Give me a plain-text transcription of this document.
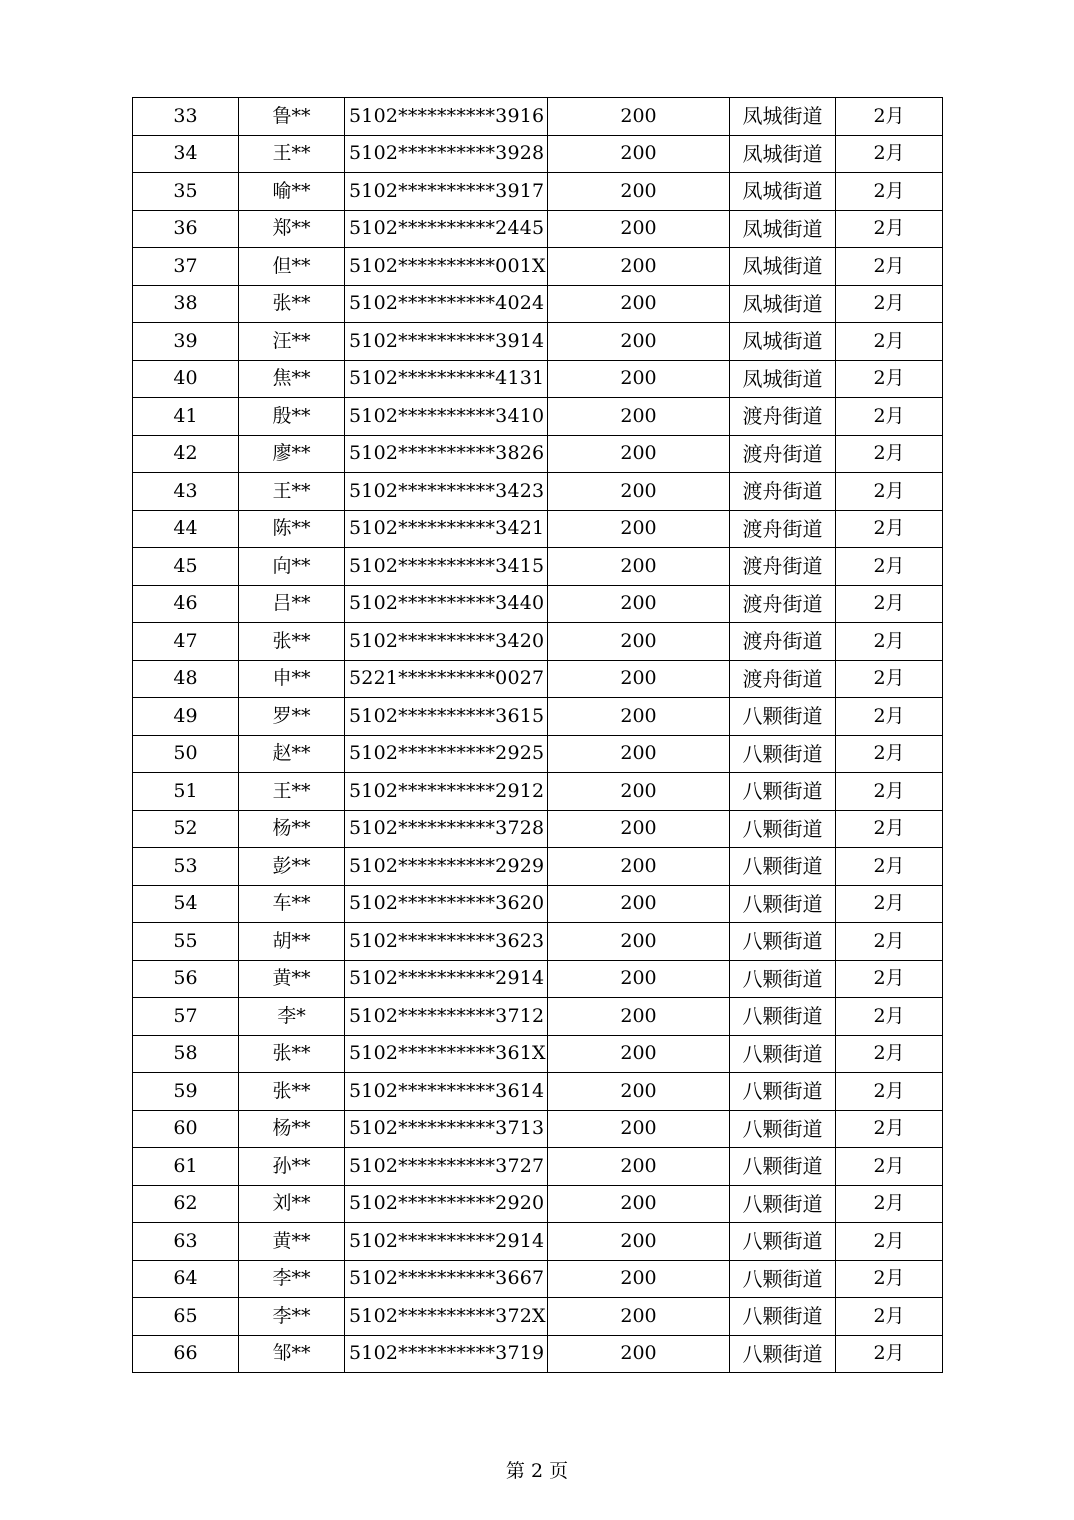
33	鲁**	5102**********3916	200	凤城街道	2月
34	王**	5102**********3928	200	凤城街道	2月
35	喻**	5102**********3917	200	凤城街道	2月
36	郑**	5102**********2445	200	凤城街道	2月
37	但**	5102**********001X	200	凤城街道	2月
38	张**	5102**********4024	200	凤城街道	2月
39	汪**	5102**********3914	200	凤城街道	2月
40	焦**	5102**********4131	200	凤城街道	2月
41	殷**	5102**********3410	200	渡舟街道	2月
42	廖**	5102**********3826	200	渡舟街道	2月
43	王**	5102**********3423	200	渡舟街道	2月
44	陈**	5102**********3421	200	渡舟街道	2月
45	向**	5102**********3415	200	渡舟街道	2月
46	吕**	5102**********3440	200	渡舟街道	2月
47	张**	5102**********3420	200	渡舟街道	2月
48	申**	5221**********0027	200	渡舟街道	2月
49	罗**	5102**********3615	200	八颗街道	2月
50	赵**	5102**********2925	200	八颗街道	2月
51	王**	5102**********2912	200	八颗街道	2月
52	杨**	5102**********3728	200	八颗街道	2月
53	彭**	5102**********2929	200	八颗街道	2月
54	车**	5102**********3620	200	八颗街道	2月
55	胡**	5102**********3623	200	八颗街道	2月
56	黄**	5102**********2914	200	八颗街道	2月
57	李*	5102**********3712	200	八颗街道	2月
58	张**	5102**********361X	200	八颗街道	2月
59	张**	5102**********3614	200	八颗街道	2月
60	杨**	5102**********3713	200	八颗街道	2月
61	孙**	5102**********3727	200	八颗街道	2月
62	刘**	5102**********2920	200	八颗街道	2月
63	黄**	5102**********2914	200	八颗街道	2月
64	李**	5102**********3667	200	八颗街道	2月
65	李**	5102**********372X	200	八颗街道	2月
66	邹**	5102**********3719	200	八颗街道	2月
第 2 页
